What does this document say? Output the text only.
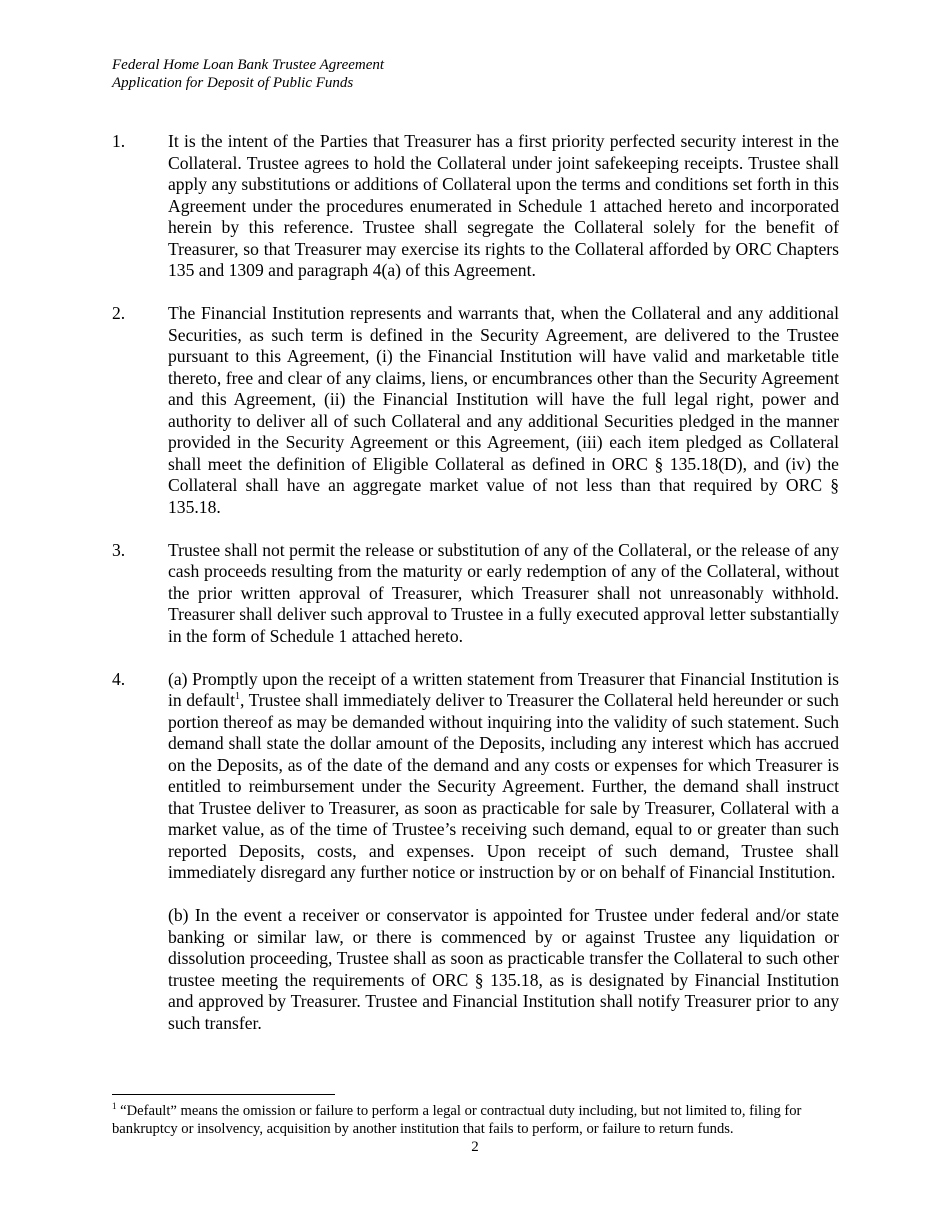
Federal Home Loan Bank Trustee Agreement
Application for Deposit of Public Funds
1. It is the intent of the Parties that Treasurer has a first priority perfected security interest in the Collateral. Trustee agrees to hold the Collateral under joint safekeeping receipts. Trustee shall apply any substitutions or additions of Collateral upon the terms and conditions set forth in this Agreement under the procedures enumerated in Schedule 1 attached hereto and incorporated herein by this reference. Trustee shall segregate the Collateral solely for the benefit of Treasurer, so that Treasurer may exercise its rights to the Collateral afforded by ORC Chapters 135 and 1309 and paragraph 4(a) of this Agreement.
2. The Financial Institution represents and warrants that, when the Collateral and any additional Securities, as such term is defined in the Security Agreement, are delivered to the Trustee pursuant to this Agreement, (i) the Financial Institution will have valid and marketable title thereto, free and clear of any claims, liens, or encumbrances other than the Security Agreement and this Agreement, (ii) the Financial Institution will have the full legal right, power and authority to deliver all of such Collateral and any additional Securities pledged in the manner provided in the Security Agreement or this Agreement, (iii) each item pledged as Collateral shall meet the definition of Eligible Collateral as defined in ORC § 135.18(D), and (iv) the Collateral shall have an aggregate market value of not less than that required by ORC § 135.18.
3. Trustee shall not permit the release or substitution of any of the Collateral, or the release of any cash proceeds resulting from the maturity or early redemption of any of the Collateral, without the prior written approval of Treasurer, which Treasurer shall not unreasonably withhold. Treasurer shall deliver such approval to Trustee in a fully executed approval letter substantially in the form of Schedule 1 attached hereto.
4. (a) Promptly upon the receipt of a written statement from Treasurer that Financial Institution is in default$^1$, Trustee shall immediately deliver to Treasurer the Collateral held hereunder or such portion thereof as may be demanded without inquiring into the validity of such statement. Such demand shall state the dollar amount of the Deposits, including any interest which has accrued on the Deposits, as of the date of the demand and any costs or expenses for which Treasurer is entitled to reimbursement under the Security Agreement. Further, the demand shall instruct that Trustee deliver to Treasurer, as soon as practicable for sale by Treasurer, Collateral with a market value, as of the time of Trustee’s receiving such demand, equal to or greater than such reported Deposits, costs, and expenses. Upon receipt of such demand, Trustee shall immediately disregard any further notice or instruction by or on behalf of Financial Institution.
(b) In the event a receiver or conservator is appointed for Trustee under federal and/or state banking or similar law, or there is commenced by or against Trustee any liquidation or dissolution proceeding, Trustee shall as soon as practicable transfer the Collateral to such other trustee meeting the requirements of ORC § 135.18, as is designated by Financial Institution and approved by Treasurer. Trustee and Financial Institution shall notify Treasurer prior to any such transfer.
$^1$ “Default” means the omission or failure to perform a legal or contractual duty including, but not limited to, filing for bankruptcy or insolvency, acquisition by another institution that fails to perform, or failure to return funds.
2
